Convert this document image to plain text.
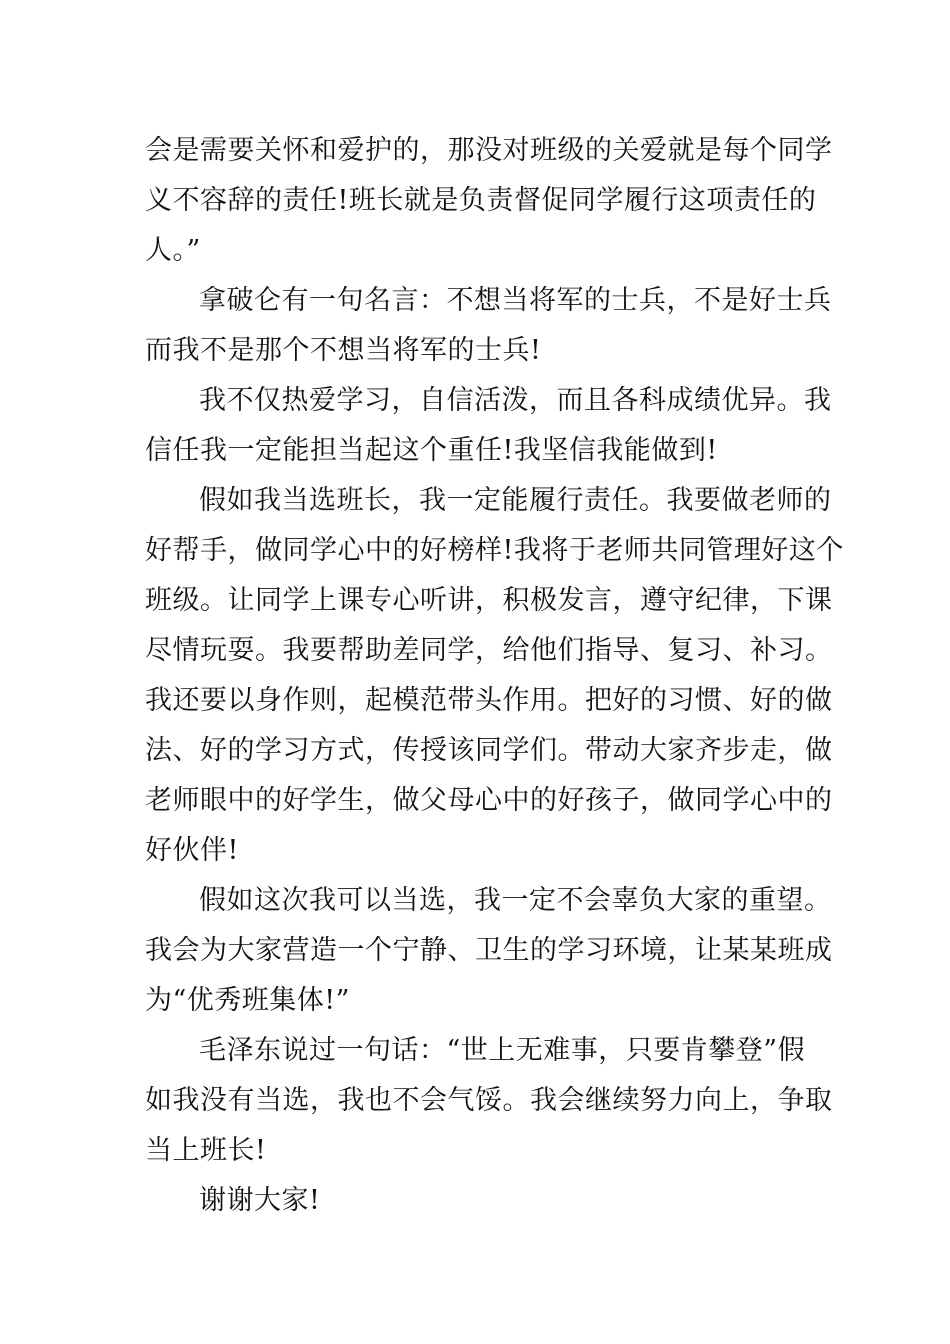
会是需要关怀和爱护的，那没对班级的关爱就是每个同学
义不容辞的责任!班长就是负责督促同学履行这项责任的
人。”

拿破仑有一句名言：不想当将军的士兵，不是好士兵
而我不是那个不想当将军的士兵!

我不仅热爱学习，自信活泼，而且各科成绩优异。我
信任我一定能担当起这个重任!我坚信我能做到!

假如我当选班长，我一定能履行责任。我要做老师的
好帮手，做同学心中的好榜样!我将于老师共同管理好这个
班级。让同学上课专心听讲，积极发言，遵守纪律，下课
尽情玩耍。我要帮助差同学，给他们指导、复习、补习。
我还要以身作则，起模范带头作用。把好的习惯、好的做
法、好的学习方式，传授该同学们。带动大家齐步走，做
老师眼中的好学生，做父母心中的好孩子，做同学心中的
好伙伴!

假如这次我可以当选，我一定不会辜负大家的重望。
我会为大家营造一个宁静、卫生的学习环境，让某某班成
为“优秀班集体!”

毛泽东说过一句话：“世上无难事，只要肯攀登”假
如我没有当选，我也不会气馁。我会继续努力向上，争取
当上班长!

谢谢大家!
